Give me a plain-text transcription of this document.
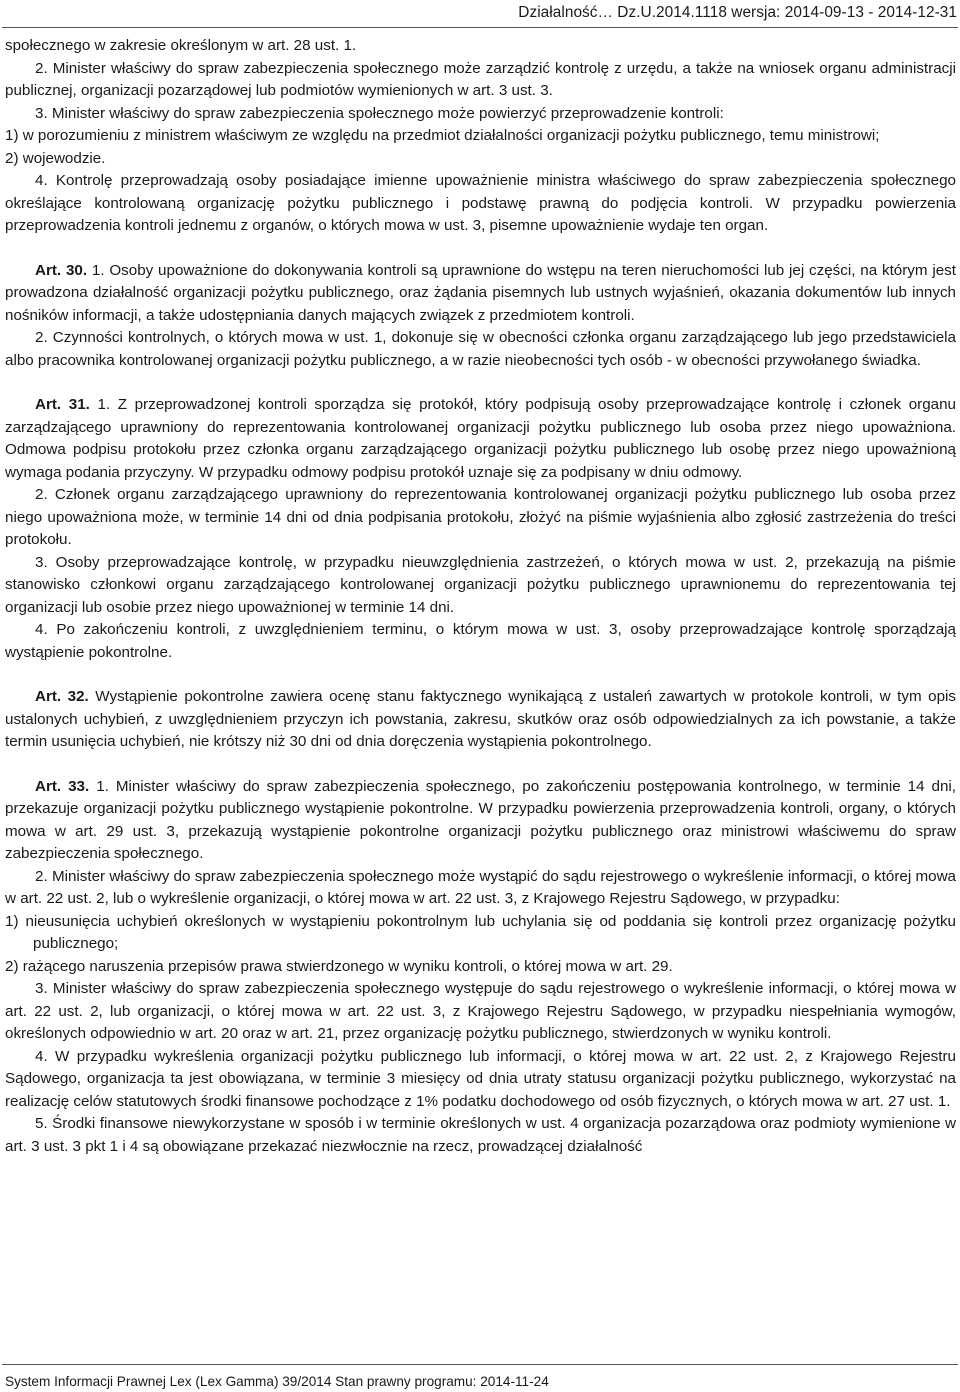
Działalność… Dz.U.2014.1118 wersja: 2014-09-13 - 2014-12-31

społecznego w zakresie określonym w art. 28 ust. 1.

2. Minister właściwy do spraw zabezpieczenia społecznego może zarządzić kontrolę z urzędu, a także na wniosek organu administracji publicznej, organizacji pozarządowej lub podmiotów wymienionych w art. 3 ust. 3.

3. Minister właściwy do spraw zabezpieczenia społecznego może powierzyć przeprowadzenie kontroli:

1) w porozumieniu z ministrem właściwym ze względu na przedmiot działalności organizacji pożytku publicznego, temu ministrowi;

2) wojewodzie.

4. Kontrolę przeprowadzają osoby posiadające imienne upoważnienie ministra właściwego do spraw zabezpieczenia społecznego określające kontrolowaną organizację pożytku publicznego i podstawę prawną do podjęcia kontroli. W przypadku powierzenia przeprowadzenia kontroli jednemu z organów, o których mowa w ust. 3, pisemne upoważnienie wydaje ten organ.

Art. 30. 1. Osoby upoważnione do dokonywania kontroli są uprawnione do wstępu na teren nieruchomości lub jej części, na którym jest prowadzona działalność organizacji pożytku publicznego, oraz żądania pisemnych lub ustnych wyjaśnień, okazania dokumentów lub innych nośników informacji, a także udostępniania danych mających związek z przedmiotem kontroli.

2. Czynności kontrolnych, o których mowa w ust. 1, dokonuje się w obecności członka organu zarządzającego lub jego przedstawiciela albo pracownika kontrolowanej organizacji pożytku publicznego, a w razie nieobecności tych osób - w obecności przywołanego świadka.

Art. 31. 1. Z przeprowadzonej kontroli sporządza się protokół, który podpisują osoby przeprowadzające kontrolę i członek organu zarządzającego uprawniony do reprezentowania kontrolowanej organizacji pożytku publicznego lub osoba przez niego upoważniona. Odmowa podpisu protokołu przez członka organu zarządzającego organizacji pożytku publicznego lub osobę przez niego upoważnioną wymaga podania przyczyny. W przypadku odmowy podpisu protokół uznaje się za podpisany w dniu odmowy.

2. Członek organu zarządzającego uprawniony do reprezentowania kontrolowanej organizacji pożytku publicznego lub osoba przez niego upoważniona może, w terminie 14 dni od dnia podpisania protokołu, złożyć na piśmie wyjaśnienia albo zgłosić zastrzeżenia do treści protokołu.

3. Osoby przeprowadzające kontrolę, w przypadku nieuwzględnienia zastrzeżeń, o których mowa w ust. 2, przekazują na piśmie stanowisko członkowi organu zarządzającego kontrolowanej organizacji pożytku publicznego uprawnionemu do reprezentowania tej organizacji lub osobie przez niego upoważnionej w terminie 14 dni.

4. Po zakończeniu kontroli, z uwzględnieniem terminu, o którym mowa w ust. 3, osoby przeprowadzające kontrolę sporządzają wystąpienie pokontrolne.

Art. 32. Wystąpienie pokontrolne zawiera ocenę stanu faktycznego wynikającą z ustaleń zawartych w protokole kontroli, w tym opis ustalonych uchybień, z uwzględnieniem przyczyn ich powstania, zakresu, skutków oraz osób odpowiedzialnych za ich powstanie, a także termin usunięcia uchybień, nie krótszy niż 30 dni od dnia doręczenia wystąpienia pokontrolnego.

Art. 33. 1. Minister właściwy do spraw zabezpieczenia społecznego, po zakończeniu postępowania kontrolnego, w terminie 14 dni, przekazuje organizacji pożytku publicznego wystąpienie pokontrolne. W przypadku powierzenia przeprowadzenia kontroli, organy, o których mowa w art. 29 ust. 3, przekazują wystąpienie pokontrolne organizacji pożytku publicznego oraz ministrowi właściwemu do spraw zabezpieczenia społecznego.

2. Minister właściwy do spraw zabezpieczenia społecznego może wystąpić do sądu rejestrowego o wykreślenie informacji, o której mowa w art. 22 ust. 2, lub o wykreślenie organizacji, o której mowa w art. 22 ust. 3, z Krajowego Rejestru Sądowego, w przypadku:

1) nieusunięcia uchybień określonych w wystąpieniu pokontrolnym lub uchylania się od poddania się kontroli przez organizację pożytku publicznego;

2) rażącego naruszenia przepisów prawa stwierdzonego w wyniku kontroli, o której mowa w art. 29.

3. Minister właściwy do spraw zabezpieczenia społecznego występuje do sądu rejestrowego o wykreślenie informacji, o której mowa w art. 22 ust. 2, lub organizacji, o której mowa w art. 22 ust. 3, z Krajowego Rejestru Sądowego, w przypadku niespełniania wymogów, określonych odpowiednio w art. 20 oraz w art. 21, przez organizację pożytku publicznego, stwierdzonych w wyniku kontroli.

4. W przypadku wykreślenia organizacji pożytku publicznego lub informacji, o której mowa w art. 22 ust. 2, z Krajowego Rejestru Sądowego, organizacja ta jest obowiązana, w terminie 3 miesięcy od dnia utraty statusu organizacji pożytku publicznego, wykorzystać na realizację celów statutowych środki finansowe pochodzące z 1% podatku dochodowego od osób fizycznych, o których mowa w art. 27 ust. 1.

5. Środki finansowe niewykorzystane w sposób i w terminie określonych w ust. 4 organizacja pozarządowa oraz podmioty wymienione w art. 3 ust. 3 pkt 1 i 4 są obowiązane przekazać niezwłocznie na rzecz, prowadzącej działalność

System Informacji Prawnej Lex (Lex Gamma) 39/2014 Stan prawny programu: 2014-11-24
